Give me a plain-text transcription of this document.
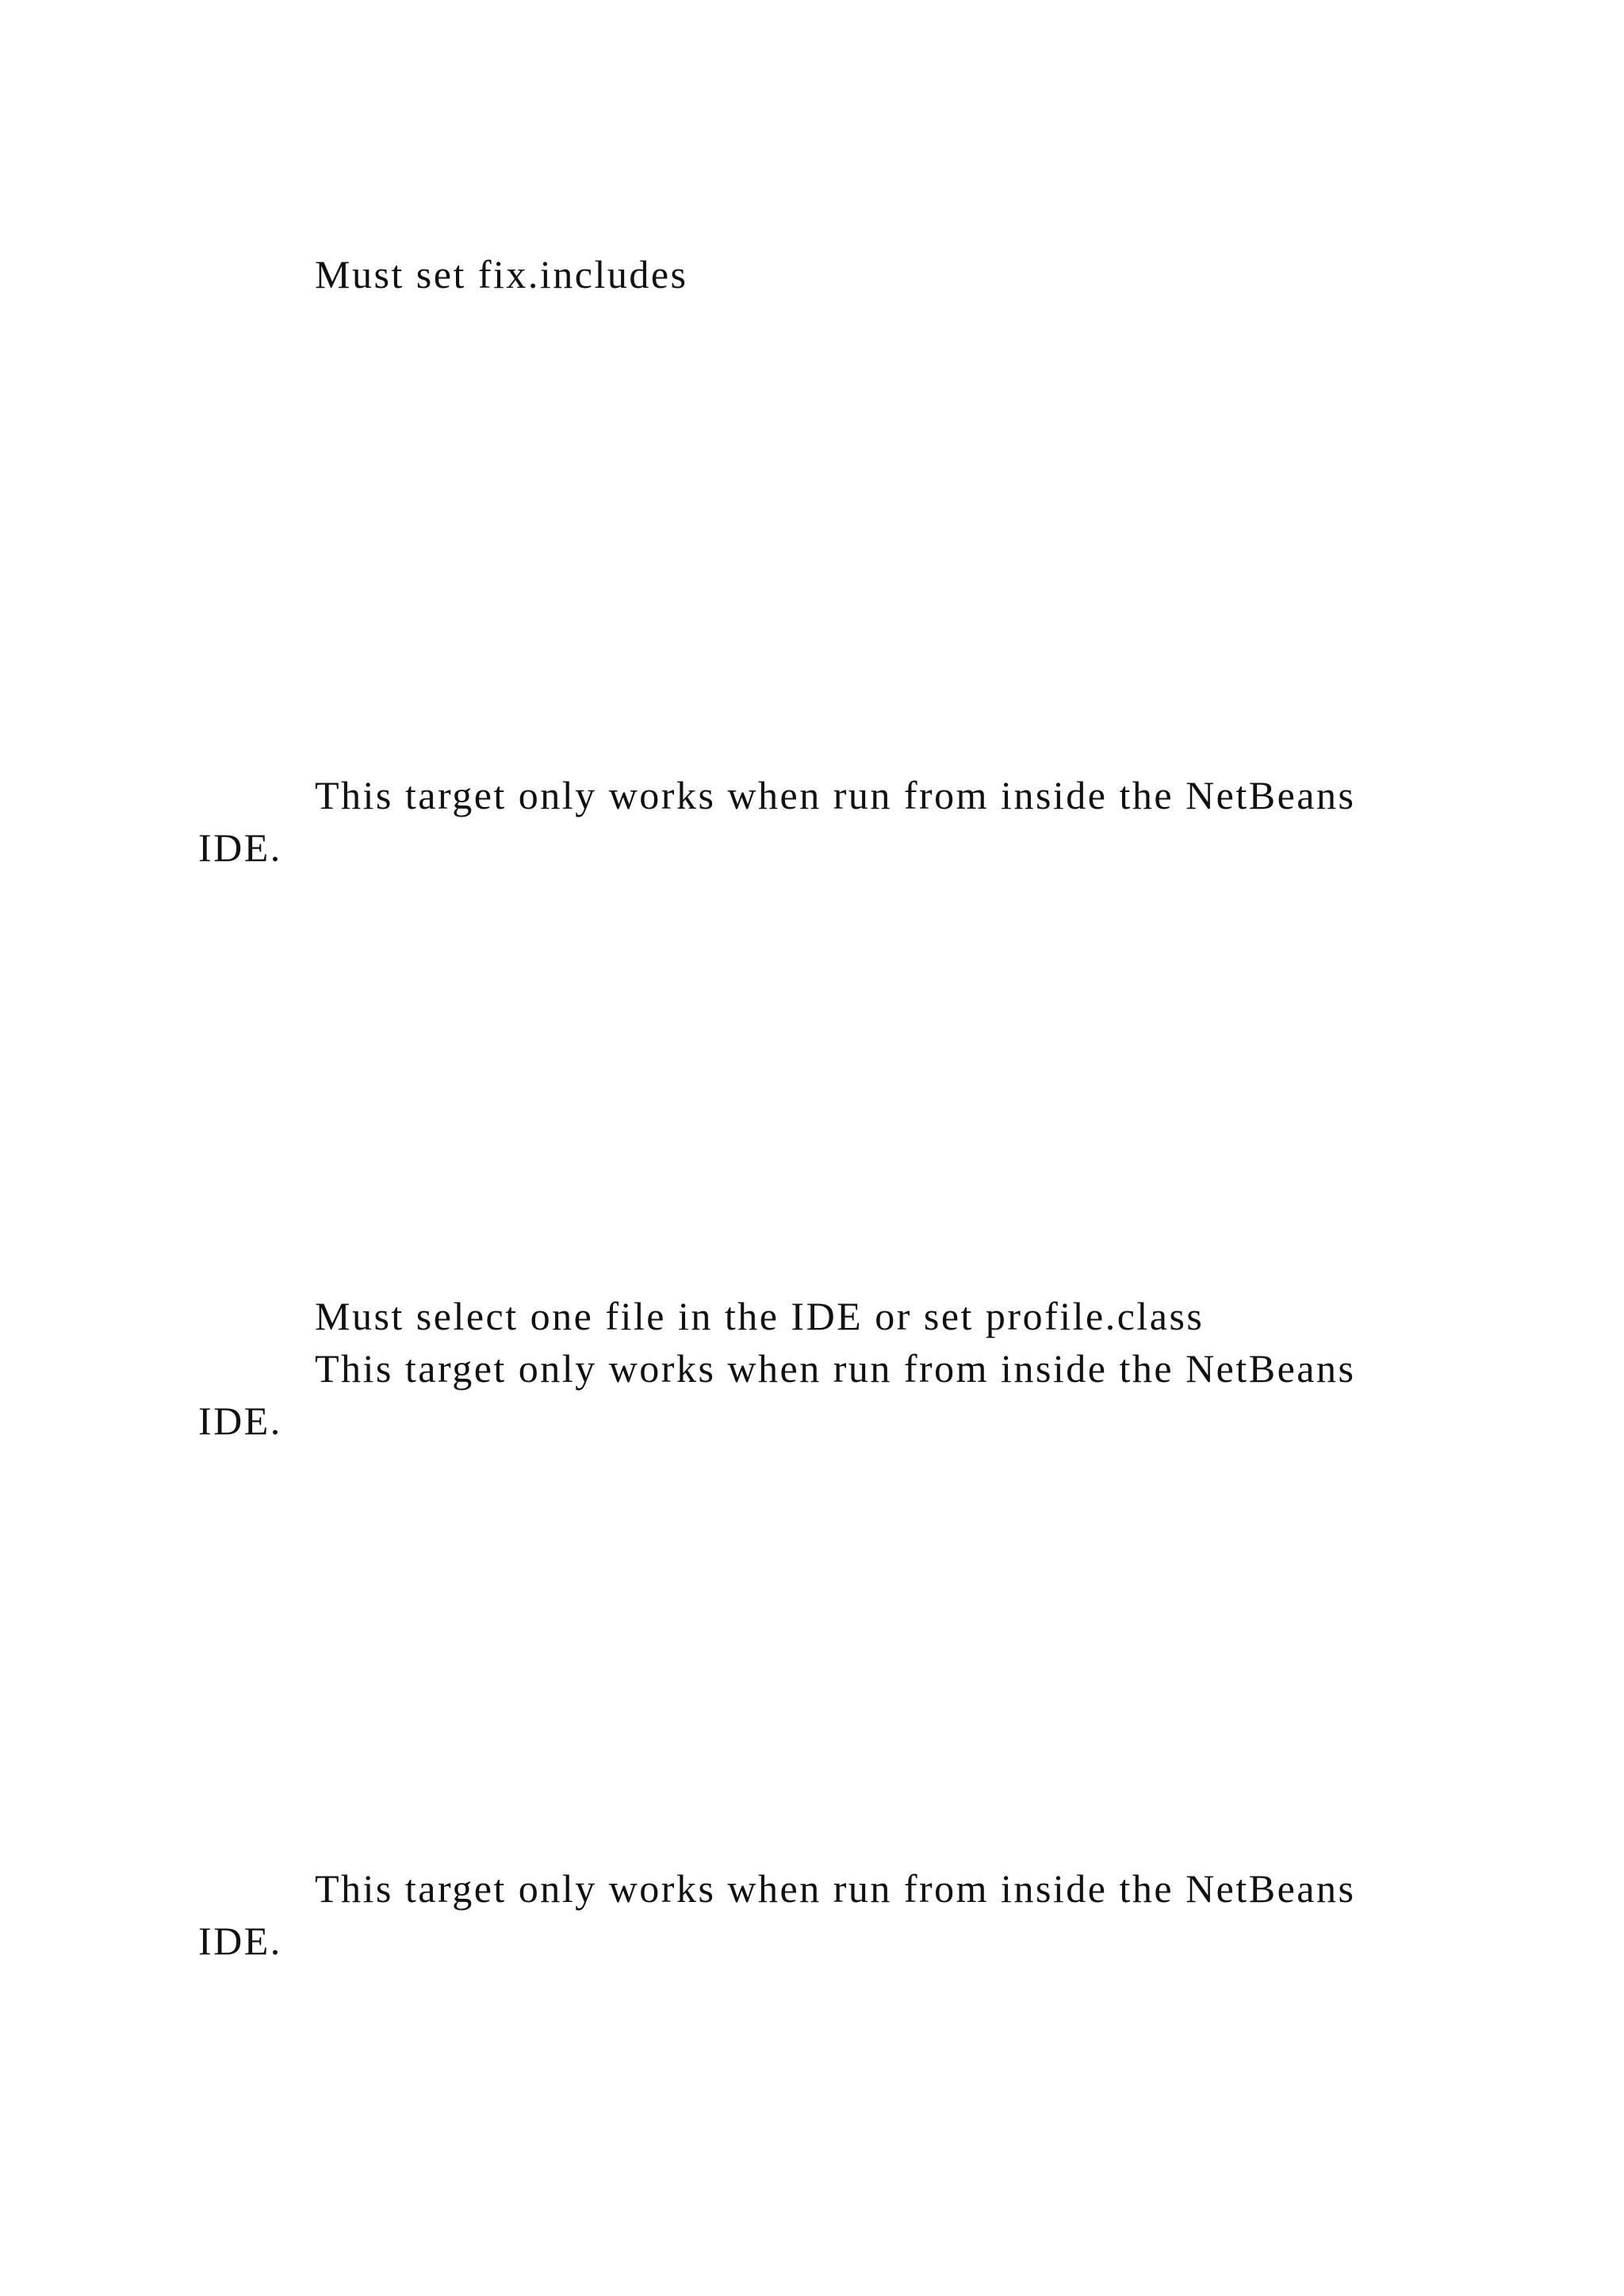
Must set fix.includes
This target only works when run from inside the NetBeans
IDE.
Must select one file in the IDE or set profile.class
This target only works when run from inside the NetBeans
IDE.
This target only works when run from inside the NetBeans
IDE.
